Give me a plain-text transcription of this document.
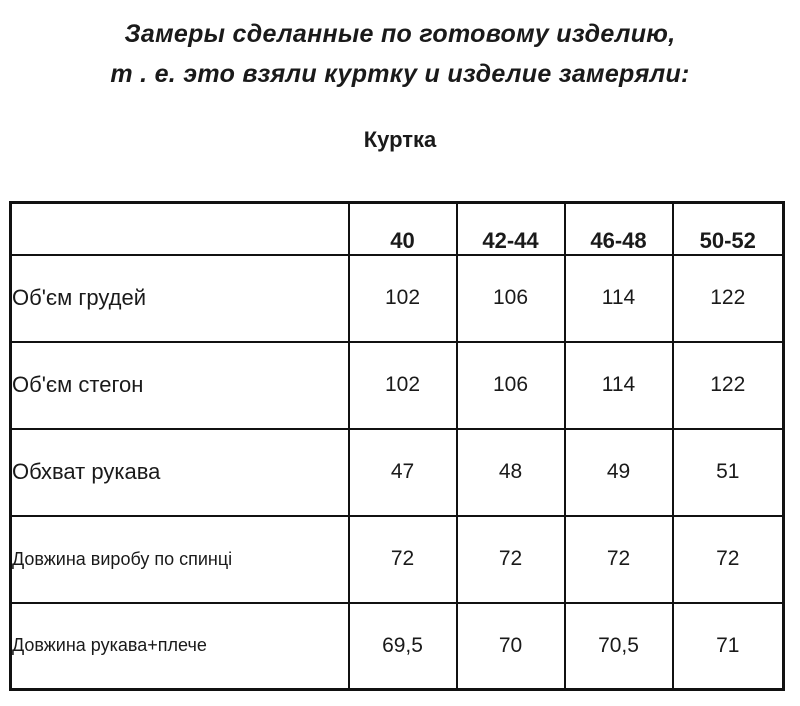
Замеры сделанные по готовому изделию,
т . е. это взяли куртку и изделие замеряли:
Куртка
	40	42-44	46-48	50-52
Об'єм грудей	102	106	114	122
Об'єм стегон	102	106	114	122
Обхват рукава	47	48	49	51
Довжина виробу по спинці	72	72	72	72
Довжина рукава+плече	69,5	70	70,5	71
